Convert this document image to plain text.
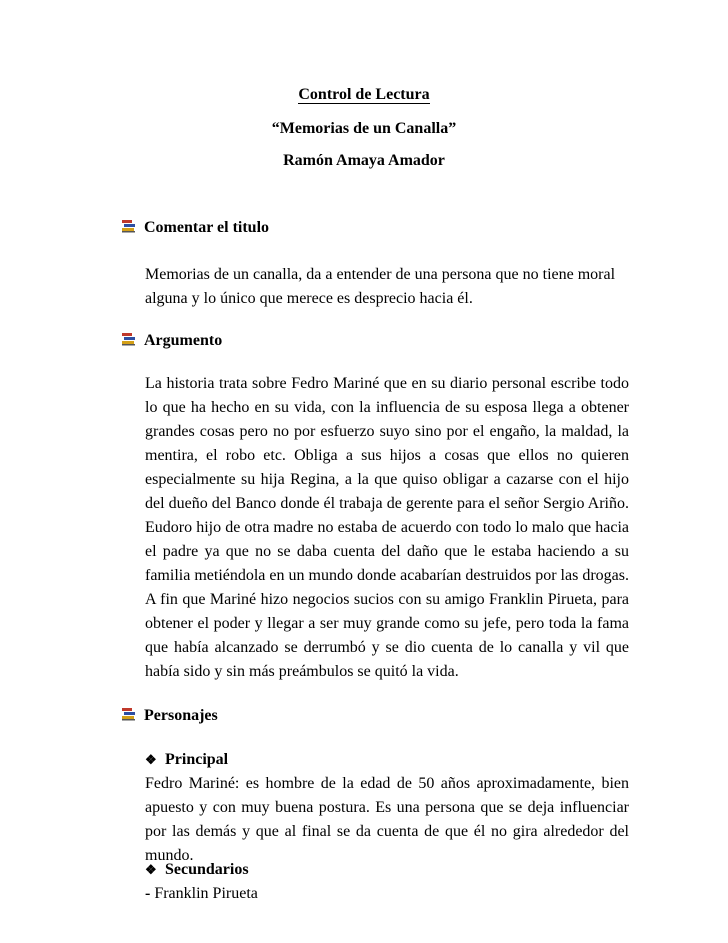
Control de Lectura
“Memorias de un Canalla”
Ramón Amaya Amador
Comentar el titulo
Memorias de un canalla, da a entender de una persona que no tiene moral alguna y lo único que merece es desprecio hacia él.
Argumento
La historia trata sobre Fedro Mariné que en su diario personal escribe todo lo que ha hecho en su vida, con la influencia de su esposa llega a obtener grandes cosas pero no por esfuerzo suyo sino por el engaño, la maldad, la mentira, el robo etc. Obliga a sus hijos a cosas que ellos no quieren especialmente su hija Regina, a la que quiso obligar a cazarse con el hijo del dueño del Banco donde él trabaja de gerente para el señor Sergio Ariño. Eudoro hijo de otra madre no estaba de acuerdo con todo lo malo que hacia el padre ya que no se daba cuenta del daño que le estaba haciendo a su familia metiéndola en un mundo donde acabarían destruidos por las drogas. A fin que Mariné hizo negocios sucios con su amigo Franklin Pirueta, para obtener el poder y llegar a ser muy grande como su jefe, pero toda la fama que había alcanzado se derrumbó y se dio cuenta de lo canalla y vil que había sido y sin más preámbulos se quitó la vida.
Personajes
❖ Principal
Fedro Mariné: es hombre de la edad de 50 años aproximadamente, bien apuesto y con muy buena postura. Es una persona que se deja influenciar por las demás y que al final se da cuenta de que él no gira alrededor del mundo.
❖ Secundarios
- Franklin Pirueta
